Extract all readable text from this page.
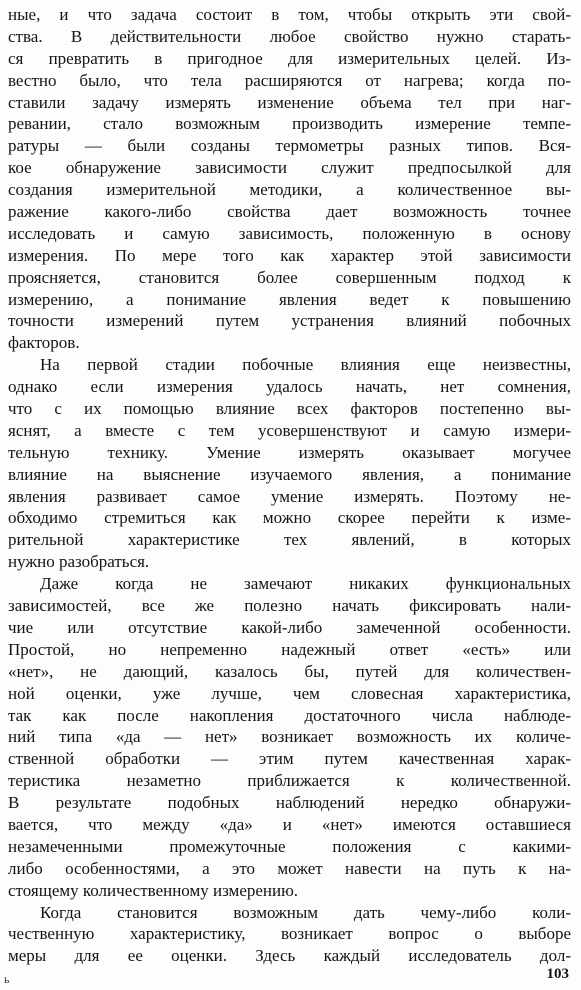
ные, и что задача состоит в том, чтобы открыть эти свой-
ства. В действительности любое свойство нужно старать-
ся превратить в пригодное для измерительных целей. Из-
вестно было, что тела расширяются от нагрева; когда по-
ставили задачу измерять изменение объема тел при наг-
ревании, стало возможным производить измерение темпе-
ратуры — были созданы термометры разных типов. Вся-
кое обнаружение зависимости служит предпосылкой для
создания измерительной методики, а количественное вы-
ражение какого-либо свойства дает возможность точнее
исследовать и самую зависимость, положенную в основу
измерения. По мере того как характер этой зависимости
проясняется, становится более совершенным подход к
измерению, а понимание явления ведет к повышению
точности измерений путем устранения влияний побочных
факторов.
На первой стадии побочные влияния еще неизвестны,
однако если измерения удалось начать, нет сомнения,
что с их помощью влияние всех факторов постепенно вы-
яснят, а вместе с тем усовершенствуют и самую измери-
тельную технику. Умение измерять оказывает могучее
влияние на выяснение изучаемого явления, а понимание
явления развивает самое умение измерять. Поэтому не-
обходимо стремиться как можно скорее перейти к изме-
рительной характеристике тех явлений, в которых
нужно разобраться.
Даже когда не замечают никаких функциональных
зависимостей, все же полезно начать фиксировать нали-
чие или отсутствие какой-либо замеченной особенности.
Простой, но непременно надежный ответ «есть» или
«нет», не дающий, казалось бы, путей для количествен-
ной оценки, уже лучше, чем словесная характеристика,
так как после накопления достаточного числа наблюде-
ний типа «да — нет» возникает возможность их количе-
ственной обработки — этим путем качественная харак-
теристика незаметно приближается к количественной.
В результате подобных наблюдений нередко обнаружи-
вается, что между «да» и «нет» имеются оставшиеся
незамеченными промежуточные положения с какими-
либо особенностями, а это может навести на путь к на-
стоящему количественному измерению.
Когда становится возможным дать чему-либо коли-
чественную характеристику, возникает вопрос о выборе
меры для ее оценки. Здесь каждый исследователь дол-
ь	103
